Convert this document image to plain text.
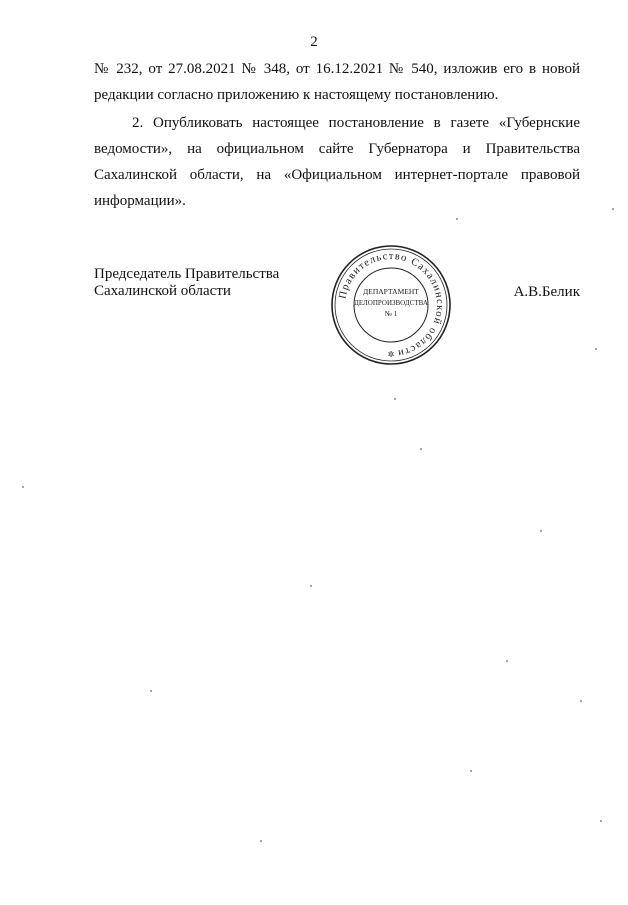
2
№ 232, от 27.08.2021 № 348, от 16.12.2021 № 540, изложив его в новой редакции согласно приложению к настоящему постановлению.
2. Опубликовать настоящее постановление в газете «Губернские ведомости», на официальном сайте Губернатора и Правительства Сахалинской области, на «Официальном интернет-портале правовой информации».
Председатель Правительства
Сахалинской области	Правительство Сахалинской области
ДЕПАРТАМЕНТ
ДЕЛОПРОИЗВОДСТВА
№ 1
✲
А.В.Белик
